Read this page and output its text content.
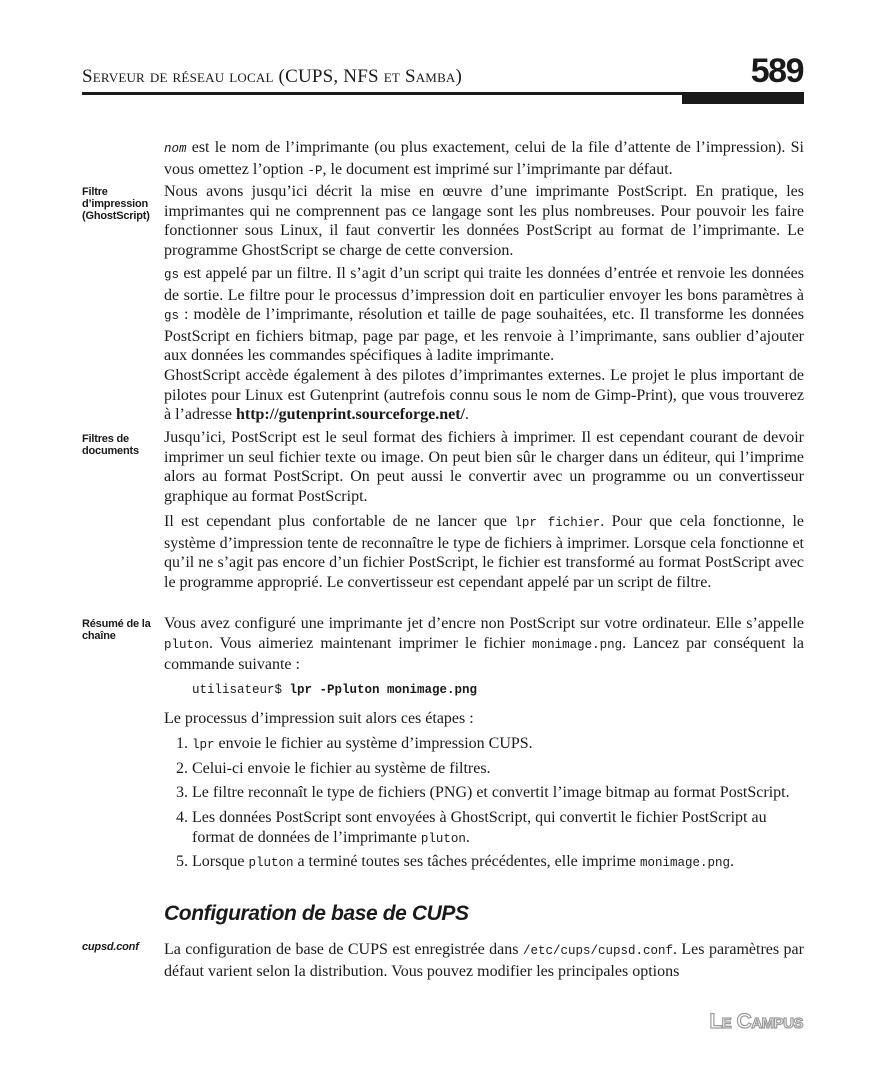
Serveur de réseau local (CUPS, NFS et Samba)	589
Filtre d’impression (GhostScript)
Filtres de documents
Résumé de la chaîne
cupsd.conf

nom est le nom de l’imprimante (ou plus exactement, celui de la file d’attente de l’impression). Si vous omettez l’option -P, le document est imprimé sur l’imprimante par défaut.

Nous avons jusqu’ici décrit la mise en œuvre d’une imprimante PostScript. En pratique, les imprimantes qui ne comprennent pas ce langage sont les plus nombreuses. Pour pouvoir les faire fonctionner sous Linux, il faut convertir les données PostScript au format de l’imprimante. Le programme GhostScript se charge de cette conversion.

gs est appelé par un filtre. Il s’agit d’un script qui traite les données d’entrée et renvoie les données de sortie. Le filtre pour le processus d’impression doit en particulier envoyer les bons paramètres à gs : modèle de l’imprimante, résolution et taille de page souhaitées, etc. Il transforme les données PostScript en fichiers bitmap, page par page, et les renvoie à l’imprimante, sans oublier d’ajouter aux données les commandes spécifiques à ladite imprimante.

GhostScript accède également à des pilotes d’imprimantes externes. Le projet le plus important de pilotes pour Linux est Gutenprint (autrefois connu sous le nom de Gimp-Print), que vous trouverez à l’adresse http://gutenprint.sourceforge.net/.

Jusqu’ici, PostScript est le seul format des fichiers à imprimer. Il est cependant courant de devoir imprimer un seul fichier texte ou image. On peut bien sûr le charger dans un éditeur, qui l’imprime alors au format PostScript. On peut aussi le convertir avec un programme ou un convertisseur graphique au format PostScript.

Il est cependant plus confortable de ne lancer que lpr fichier. Pour que cela fonctionne, le système d’impression tente de reconnaître le type de fichiers à imprimer. Lorsque cela fonctionne et qu’il ne s’agit pas encore d’un fichier PostScript, le fichier est transformé au format PostScript avec le programme approprié. Le convertisseur est cependant appelé par un script de filtre.

Vous avez configuré une imprimante jet d’encre non PostScript sur votre ordinateur. Elle s’appelle pluton. Vous aimeriez maintenant imprimer le fichier monimage.png. Lancez par conséquent la commande suivante :

Le processus d’impression suit alors ces étapes :

La configuration de base de CUPS est enregistrée dans /etc/cups/cupsd.conf. Les paramètres par défaut varient selon la distribution. Vous pouvez modifier les principales options

utilisateur$ lpr -Ppluton monimage.png
1. lpr envoie le fichier au système d’impression CUPS.
2. Celui-ci envoie le fichier au système de filtres.
3. Le filtre reconnaît le type de fichiers (PNG) et convertit l’image bitmap au format PostScript.
4. Les données PostScript sont envoyées à GhostScript, qui convertit le fichier PostScript au format de données de l’imprimante pluton.
5. Lorsque pluton a terminé toutes ses tâches précédentes, elle imprime monimage.png.
Configuration de base de CUPS
Le Campus
